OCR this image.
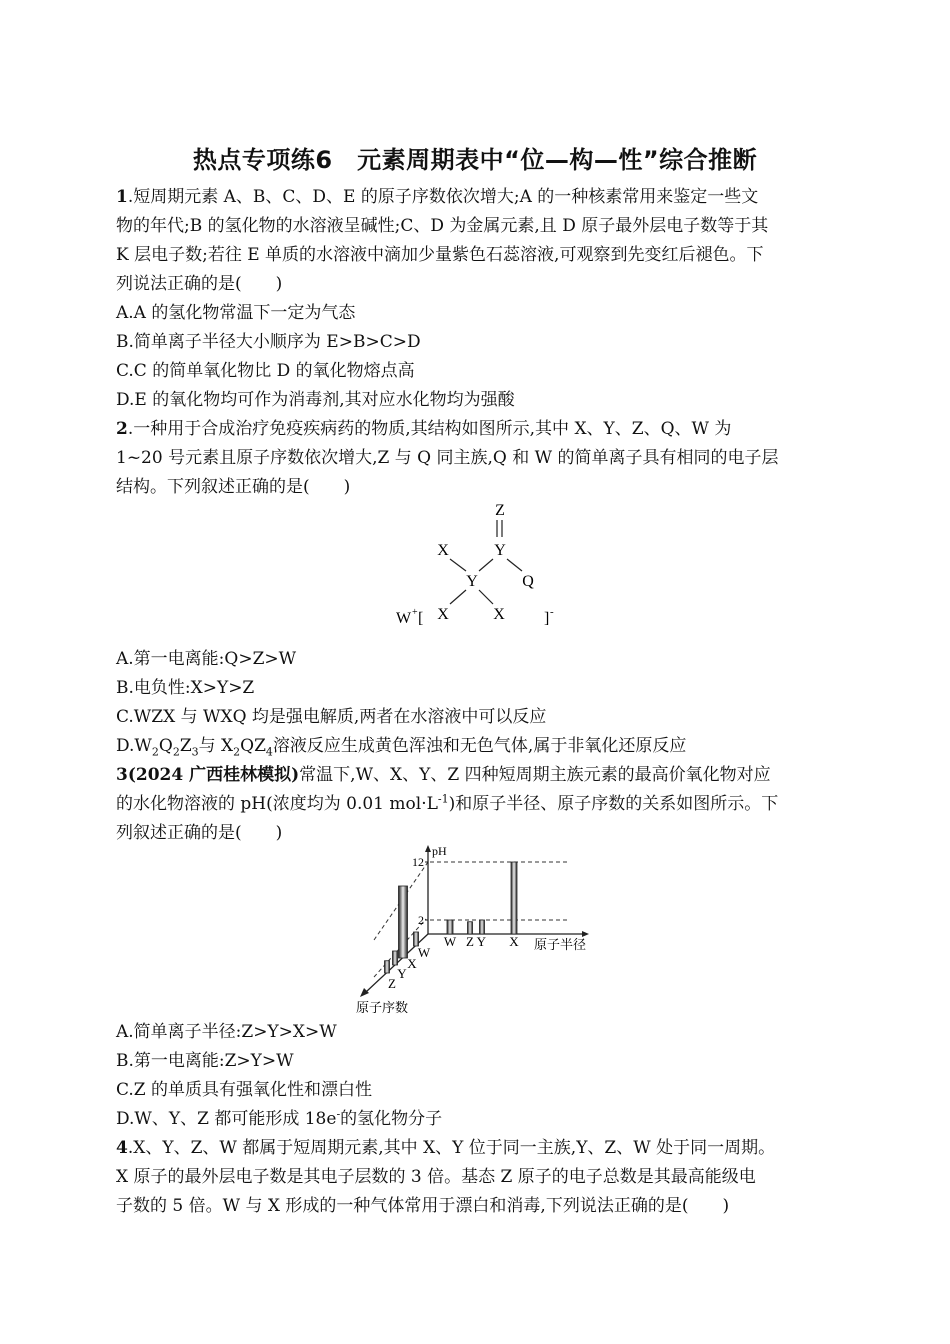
热点专项练6　元素周期表中“位—构—性”综合推断
1.短周期元素 A、B、C、D、E 的原子序数依次增大;A 的一种核素常用来鉴定一些文
物的年代;B 的氢化物的水溶液呈碱性;C、D 为金属元素,且 D 原子最外层电子数等于其
K 层电子数;若往 E 单质的水溶液中滴加少量紫色石蕊溶液,可观察到先变红后褪色。下
列说法正确的是(　　)
A.A 的氢化物常温下一定为气态
B.简单离子半径大小顺序为 E>B>C>D
C.C 的简单氧化物比 D 的氧化物熔点高
D.E 的氧化物均可作为消毒剂,其对应水化物均为强酸
2.一种用于合成治疗免疫疾病药的物质,其结构如图所示,其中 X、Y、Z、Q、W 为
1~20 号元素且原子序数依次增大,Z 与 Q 同主族,Q 和 W 的简单离子具有相同的电子层
结构。下列叙述正确的是(　　)
Z
Y
X
Y	Q
X	X
W + [	] -
A.第一电离能:Q>Z>W
B.电负性:X>Y>Z
C.WZX 与 WXQ 均是强电解质,两者在水溶液中可以反应
$D.W_2Q_2Z_3$与 $X_2QZ_4$溶液反应生成黄色浑浊和无色气体,属于非氧化还原反应
3(2024 广西桂林模拟)常温下,W、X、Y、Z 四种短周期主族元素的最高价氧化物对应
的水化物溶液的 pH(浓度均为 0.01 $mol\cdot L^{-1}$)和原子半径、原子序数的关系如图所示。下
列叙述正确的是(　　)
pH
12
2
原子半径
原子序数
W Z Y X
W
X
Y
Z
A.简单离子半径:Z>Y>X>W
B.第一电离能:Z>Y>W
C.Z 的单质具有强氧化性和漂白性
D.W、Y、Z 都可能形成 18e-的氢化物分子
4.X、Y、Z、W 都属于短周期元素,其中 X、Y 位于同一主族,Y、Z、W 处于同一周期。
X 原子的最外层电子数是其电子层数的 3 倍。基态 Z 原子的电子总数是其最高能级电
子数的 5 倍。W 与 X 形成的一种气体常用于漂白和消毒,下列说法正确的是(　　)
